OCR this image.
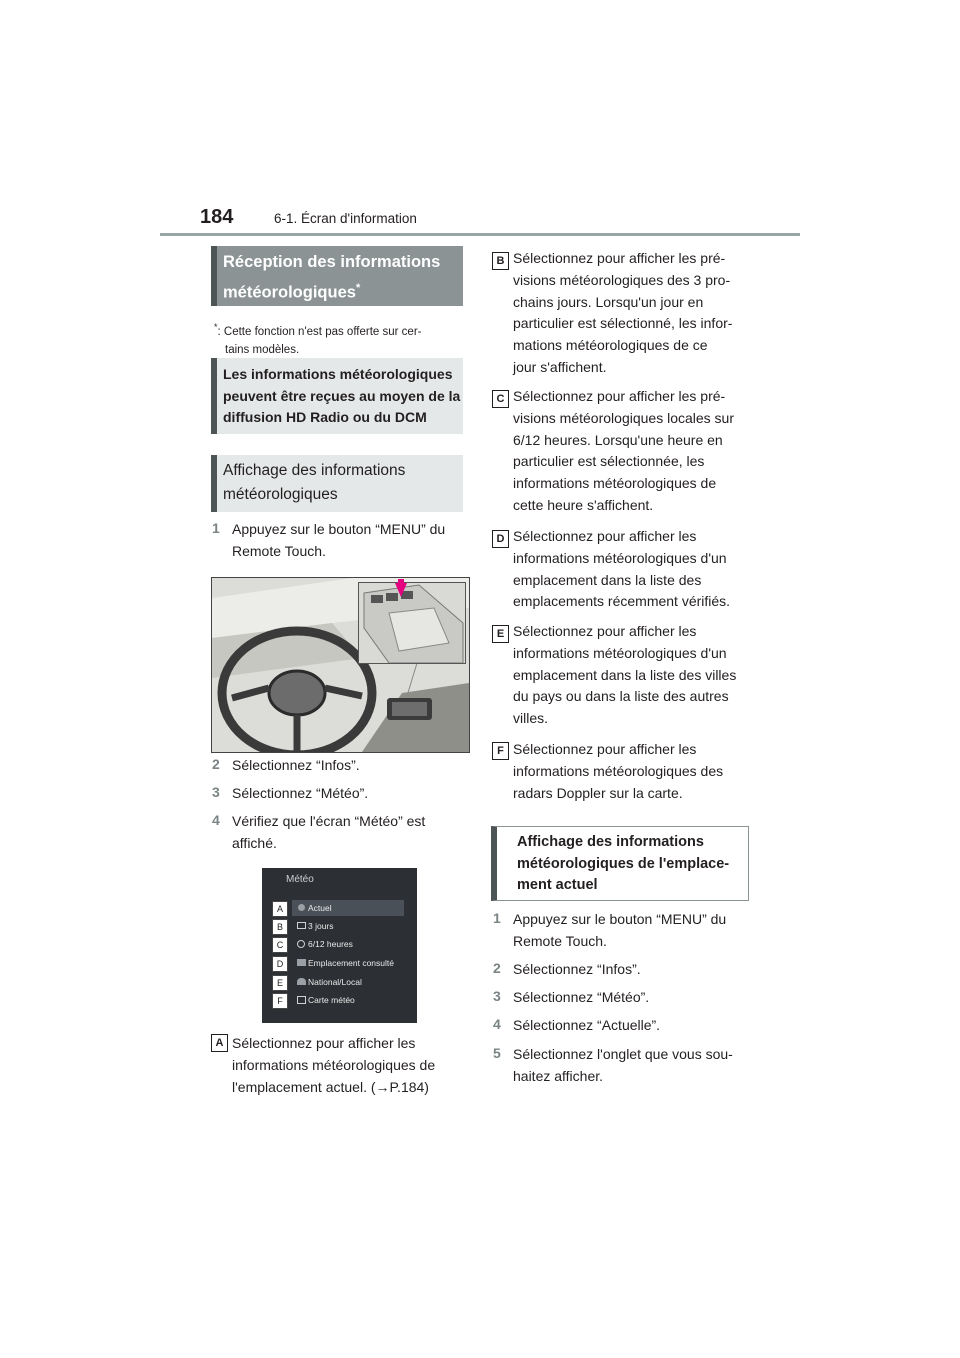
184	6-1. Écran d'information
Réception des informations
météorologiques*
*: Cette fonction n'est pas offerte sur cer-
tains modèles.
Les informations météorologiques
peuvent être reçues au moyen de la
diffusion HD Radio ou du DCM
Affichage des informations
météorologiques
1 Appuyez sur le bouton “MENU” du
Remote Touch.
2 Sélectionnez “Infos”.
3 Sélectionnez “Météo”.
4 Vérifiez que l'écran “Météo” est
affiché.
Météo
A	Actuel
B	3 jours
C	6/12 heures
D	Emplacement consulté
E	National/Local
F	Carte météo
A Sélectionnez pour afficher les
informations météorologiques de
l'emplacement actuel. (→P.184)
B Sélectionnez pour afficher les pré-
visions météorologiques des 3 pro-
chains jours. Lorsqu'un jour en
particulier est sélectionné, les infor-
mations météorologiques de ce
jour s'affichent.
C Sélectionnez pour afficher les pré-
visions météorologiques locales sur
6/12 heures. Lorsqu'une heure en
particulier est sélectionnée, les
informations météorologiques de
cette heure s'affichent.
D Sélectionnez pour afficher les
informations météorologiques d'un
emplacement dans la liste des
emplacements récemment vérifiés.
E Sélectionnez pour afficher les
informations météorologiques d'un
emplacement dans la liste des villes
du pays ou dans la liste des autres
villes.
F Sélectionnez pour afficher les
informations météorologiques des
radars Doppler sur la carte.
Affichage des informations
météorologiques de l'emplace-
ment actuel
1 Appuyez sur le bouton “MENU” du
Remote Touch.
2 Sélectionnez “Infos”.
3 Sélectionnez “Météo”.
4 Sélectionnez “Actuelle”.
5 Sélectionnez l'onglet que vous sou-
haitez afficher.
